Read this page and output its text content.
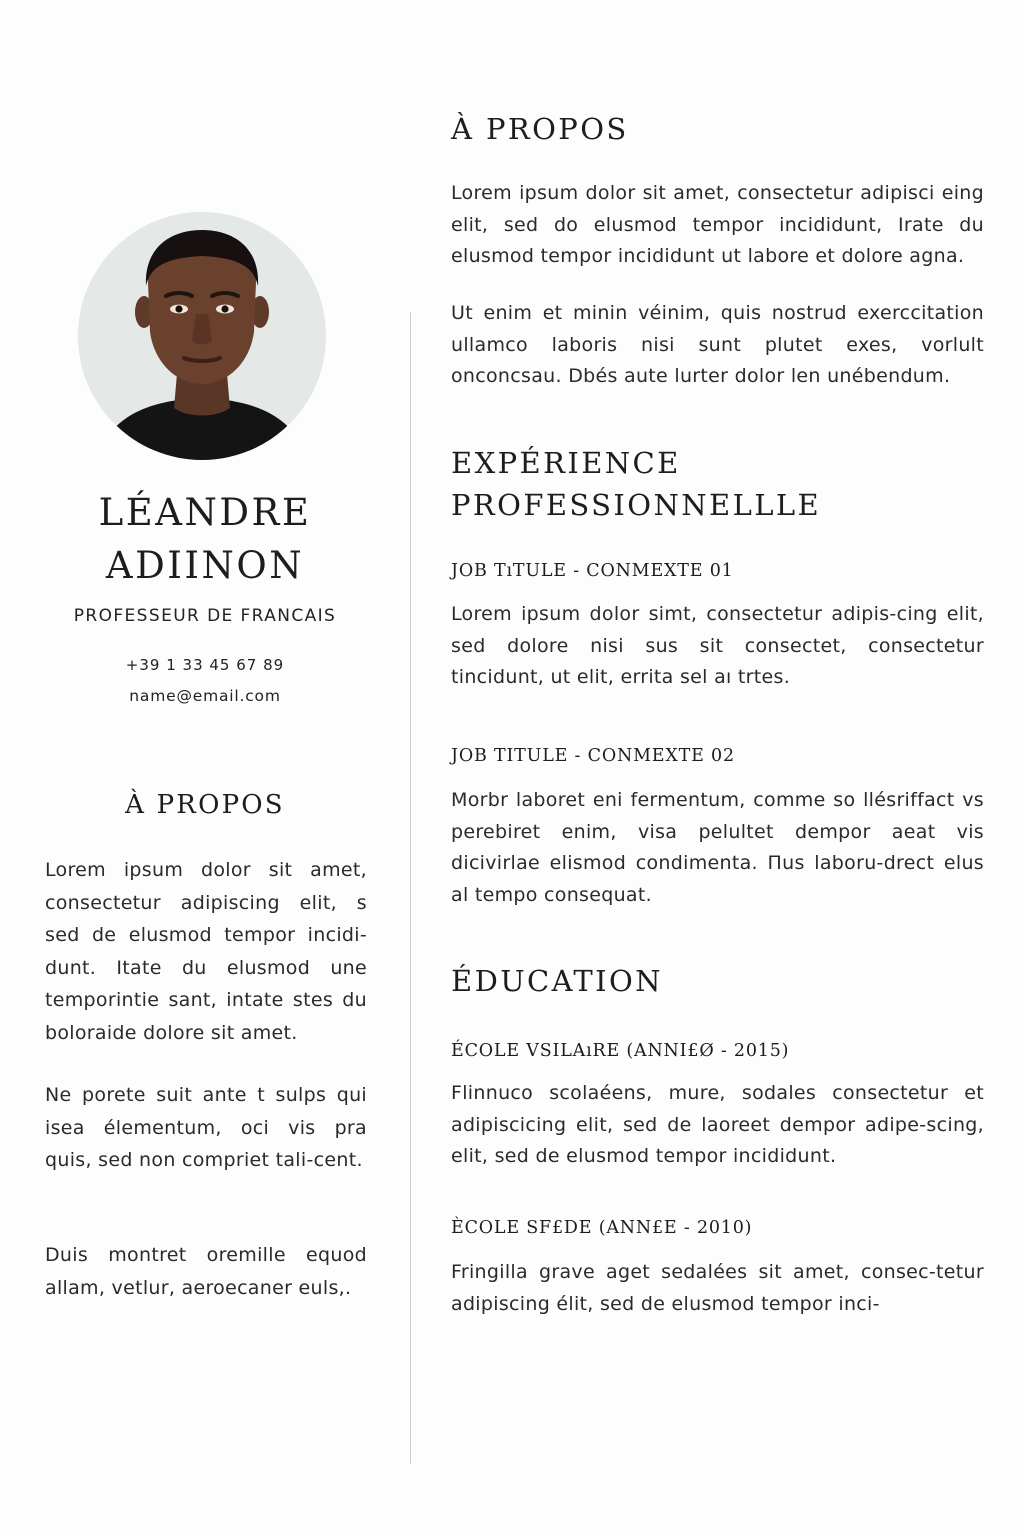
LÉANDRE
ADIINON
PROFESSEUR DE FRANCAIS
+39 1 33 45 67 89
name@email.com
À PROPOS

Lorem ipsum dolor sit amet, consectetur adipiscing elit, s sed de elusmod tempor incidi-dunt. Itate du elusmod une temporintie sant, intate stes du boloraide dolore sit amet.

Ne porete suit ante t sulps qui isea élementum, oci vis pra quis, sed non compriet tali-cent.

Duis montret oremille equod allam, vetlur, aeroecaner euls,.

À PROPOS

Lorem ipsum dolor sit amet, consectetur adipisci eing elit, sed do elusmod tempor incididunt, Irate du elusmod tempor incididunt ut labore et dolore agna.

Ut enim et minin véinim, quis nostrud exerccitation ullamco laboris nisi sunt plutet exes, vorlult onconcsau. Dbés aute lurter dolor len unébendum.

EXPÉRIENCE
PROFESSIONNELLLE
JOB TıTULE - CONMEXTE 01

Lorem ipsum dolor simt, consectetur adipis-cing elit, sed dolore nisi sus sit consectet, consectetur tincidunt, ut elit, errita sel aı trtes.

JOB TITULE - CONMEXTE 02

Morbr laboret eni fermentum, comme so llésriffact vs perebiret enim, visa pelultet dempor aeat vis dicivirlae elismod condimenta. Πus laboru-drect elus al tempo consequat.

ÉDUCATION
ÉCOLE VSILAıRE (ANNI£Ø - 2015)

Flinnuco scolaéens, mure, sodales consectetur et adipiscicing elit, sed de laoreet dempor adipe-scing, elit, sed de elusmod tempor incididunt.

ÈCOLE SF£DE (ANN£E - 2010)

Fringilla grave aget sedalées sit amet, consec-tetur adipiscing élit, sed de elusmod tempor inci-
